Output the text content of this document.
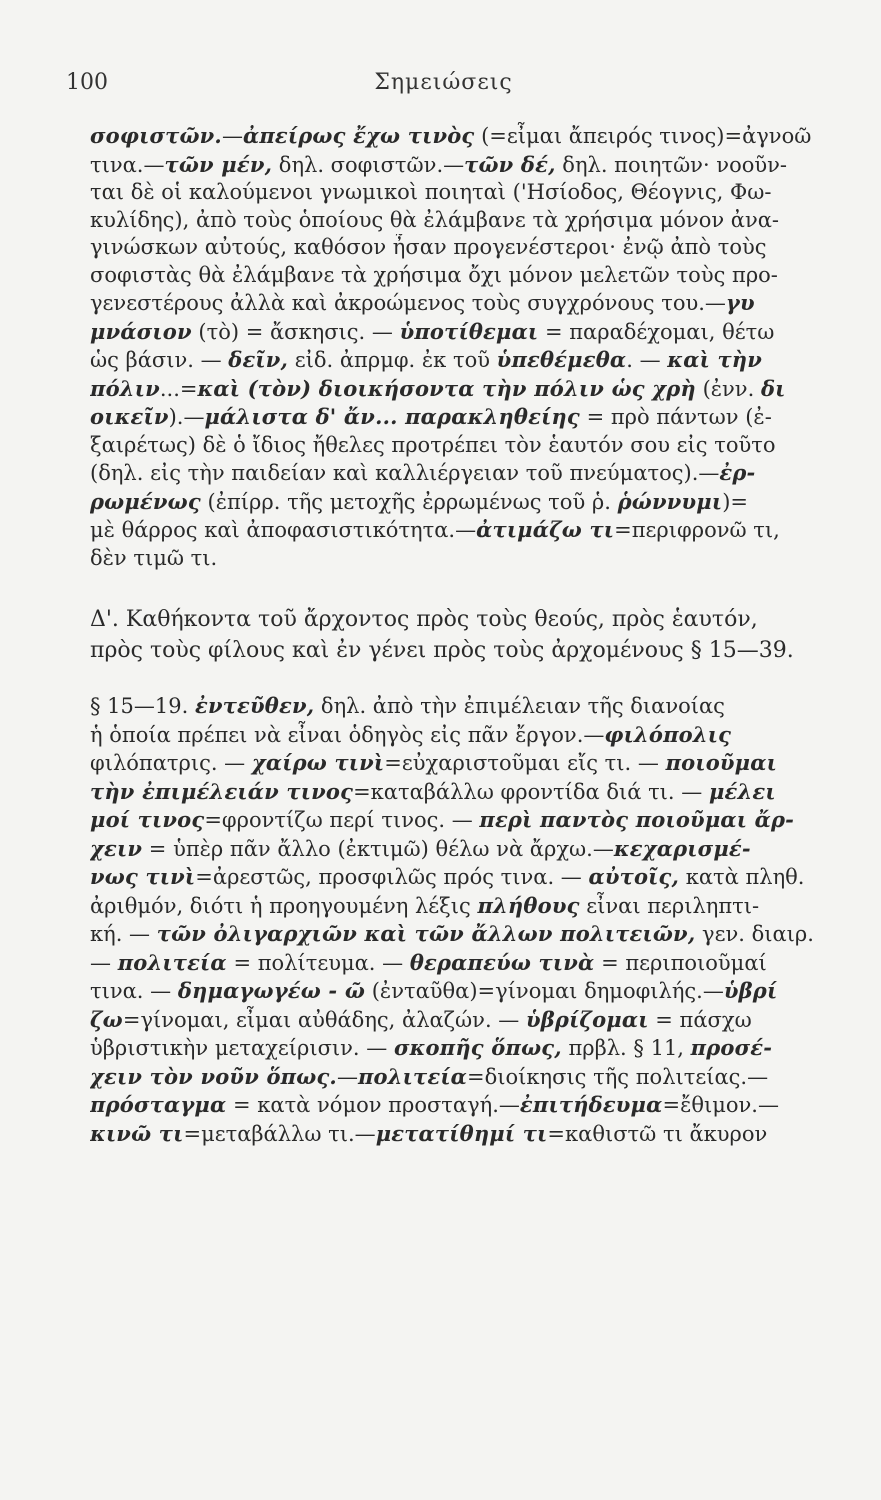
100	Σημειώσεις

σοφιστῶν.—ἀπείρως ἔχω τινὸς (=εἶμαι ἄπειρός τινος)=ἀγνοῶ
τινα.—τῶν μέν, δηλ. σοφιστῶν.—τῶν δέ, δηλ. ποιητῶν· νοοῦν-
ται δὲ οἱ καλούμενοι γνωμικοὶ ποιηταὶ ('Ησίοδος, Θέογνις, Φω-
κυλίδης), ἀπὸ τοὺς ὁποίους θὰ ἐλάμβανε τὰ χρήσιμα μόνον ἀνα-
γινώσκων αὐτούς, καθόσον ἦσαν προγενέστεροι· ἐνῷ ἀπὸ τοὺς
σοφιστὰς θὰ ἐλάμβανε τὰ χρήσιμα ὄχι μόνον μελετῶν τοὺς προ-
γενεστέρους ἀλλὰ καὶ ἀκροώμενος τοὺς συγχρόνους του.—γυ
μνάσιον (τὸ) = ἄσκησις. — ὑποτίθεμαι = παραδέχομαι, θέτω
ὡς βάσιν. — δεῖν, εἰδ. ἀπρμφ. ἐκ τοῦ ὑπεθέμεθα. — καὶ τὴν
πόλιν...=καὶ (τὸν) διοικήσοντα τὴν πόλιν ὡς χρὴ (ἐνν. δι
οικεῖν).—μάλιστα δ' ἄν... παρακληθείης = πρὸ πάντων (ἐ-
ξαιρέτως) δὲ ὁ ἴδιος ἤθελες προτρέπει τὸν ἑαυτόν σου εἰς τοῦτο
(δηλ. εἰς τὴν παιδείαν καὶ καλλιέργειαν τοῦ πνεύματος).—ἐρ-
ρωμένως (ἐπίρρ. τῆς μετοχῆς ἐρρωμένως τοῦ ῥ. ῥώννυμι)=
μὲ θάρρος καὶ ἀποφασιστικότητα.—ἀτιμάζω τι=περιφρονῶ τι,
δὲν τιμῶ τι.

Δ'. Καθήκοντα τοῦ ἄρχοντος πρὸς τοὺς θεούς, πρὸς ἑαυτόν,
πρὸς τοὺς φίλους καὶ ἐν γένει πρὸς τοὺς ἀρχομένους § 15—39.

§ 15—19. ἐντεῦθεν, δηλ. ἀπὸ τὴν ἐπιμέλειαν τῆς διανοίας
ἡ ὁποία πρέπει νὰ εἶναι ὁδηγὸς εἰς πᾶν ἔργον.—φιλόπολις
φιλόπατρις. — χαίρω τινὶ=εὐχαριστοῦμαι εἴς τι. — ποιοῦμαι
τὴν ἐπιμέλειάν τινος=καταβάλλω φροντίδα διά τι. — μέλει
μοί τινος=φροντίζω περί τινος. — περὶ παντὸς ποιοῦμαι ἄρ-
χειν = ὑπὲρ πᾶν ἄλλο (ἐκτιμῶ) θέλω νὰ ἄρχω.—κεχαρισμέ-
νως τινὶ=ἀρεστῶς, προσφιλῶς πρός τινα. — αὐτοῖς, κατὰ πληθ.
ἀριθμόν, διότι ἡ προηγουμένη λέξις πλήθους εἶναι περιληπτι-
κή. — τῶν ὀλιγαρχιῶν καὶ τῶν ἄλλων πολιτειῶν, γεν. διαιρ.
— πολιτεία = πολίτευμα. — θεραπεύω τινὰ = περιποιοῦμαί
τινα. — δημαγωγέω - ῶ (ἐνταῦθα)=γίνομαι δημοφιλής.—ὑβρί
ζω=γίνομαι, εἶμαι αὐθάδης, ἀλαζών. — ὑβρίζομαι = πάσχω
ὑβριστικὴν μεταχείρισιν. — σκοπῆς ὅπως, πρβλ. § 11, προσέ-
χειν τὸν νοῦν ὅπως.—πολιτεία=διοίκησις τῆς πολιτείας.—
πρόσταγμα = κατὰ νόμον προσταγή.—ἐπιτήδευμα=ἔθιμον.—
κινῶ τι=μεταβάλλω τι.—μετατίθημί τι=καθιστῶ τι ἄκυρον
